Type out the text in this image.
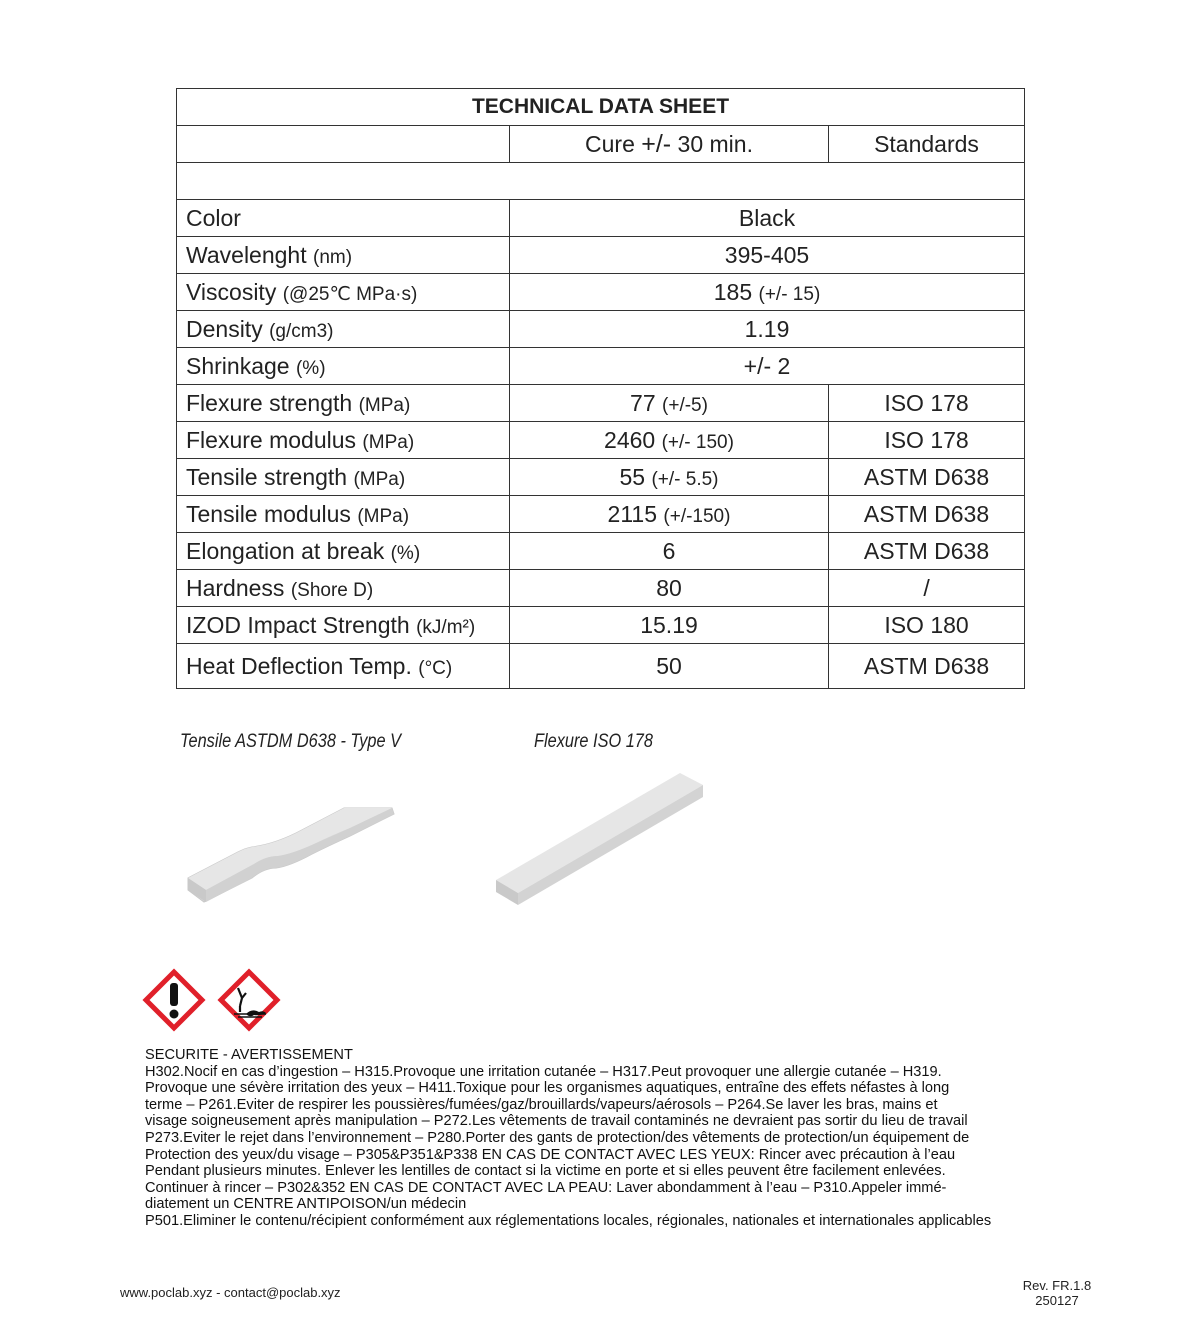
TECHNICAL DATA SHEET		
	Cure +/- 30 min.	Standards

Color	Black	
Wavelenght (nm)	395-405	
Viscosity (@25℃ MPa·s)	185 (+/- 15)	
Density (g/cm3)	1.19	
Shrinkage (%)	+/- 2	
Flexure strength (MPa)	77 (+/-5)	ISO 178
Flexure modulus (MPa)	2460 (+/- 150)	ISO 178
Tensile strength (MPa)	55 (+/- 5.5)	ASTM D638
Tensile modulus (MPa)	2115 (+/-150)	ASTM D638
Elongation at break (%)	6	ASTM D638
Hardness (Shore D)	80	/
IZOD Impact Strength (kJ/m²)	15.19	ISO 180
Heat Deflection Temp. (°C)	50	ASTM D638
Tensile ASTDM D638 - Type V	Flexure ISO 178
SECURITE - AVERTISSEMENT
H302.Nocif en cas d’ingestion – H315.Provoque une irritation cutanée – H317.Peut provoquer une allergie cutanée – H319.
Provoque une sévère irritation des yeux – H411.Toxique pour les organismes aquatiques, entraîne des effets néfastes à long
terme – P261.Eviter de respirer les poussières/fumées/gaz/brouillards/vapeurs/aérosols – P264.Se laver les bras, mains et
visage soigneusement après manipulation – P272.Les vêtements de travail contaminés ne devraient pas sortir du lieu de travail
P273.Eviter le rejet dans l’environnement – P280.Porter des gants de protection/des vêtements de protection/un équipement de
Protection des yeux/du visage – P305&P351&P338 EN CAS DE CONTACT AVEC LES YEUX: Rincer avec précaution à l’eau
Pendant plusieurs minutes. Enlever les lentilles de contact si la victime en porte et si elles peuvent être facilement enlevées.
Continuer à rincer – P302&352 EN CAS DE CONTACT AVEC LA PEAU: Laver abondamment à l’eau – P310.Appeler immé-
diatement un CENTRE ANTIPOISON/un médecin
P501.Eliminer le contenu/récipient conformément aux réglementations locales, régionales, nationales et internationales applicables
www.poclab.xyz - contact@poclab.xyz	Rev. FR.1.8
250127
